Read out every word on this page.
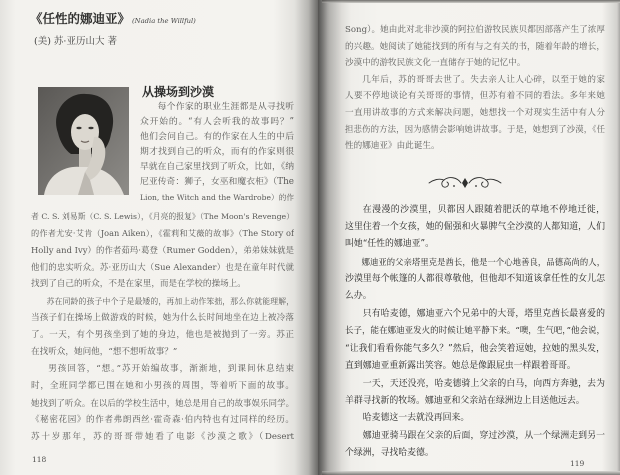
《任性的娜迪亚》 (Nadia the Willful)
(美) 苏·亚历山大 著
从操场到沙漠
每个作家的职业生涯都是从寻找听
众开始的。“有人会听我的故事吗？”
他们会问自己。有的作家在人生的中后
期才找到自己的听众，而有的作家则很
早就在自己家里找到了听众，比如，《纳
尼亚传奇：狮子，女巫和魔衣柜》（The
Lion, the Witch and the Wardrobe）的作
者 C. S. 刘易斯（C. S. Lewis），《月亮的报复》（The Moon's Revenge）
的作者尤安·艾肯（Joan Aiken），《霍莉和艾薇的故事》（The Story of
Holly and Ivy）的作者茹玛·葛登（Rumer Godden），弟弟妹妹就是
他们的忠实听众。苏·亚历山大（Sue Alexander）也是在童年时代就
找到了自己的听众，不是在家里，而是在学校的操场上。
苏在同龄的孩子中个子是最矮的，再加上动作笨拙，那么你就能理解，
当孩子们在操场上做游戏的时候，她为什么长时间地坐在边上被冷落
了。一天，有个男孩坐到了她的身边，他也是被抛到了一旁。苏正
在找听众，她问他，“想不想听故事？”
男孩回答，“想。”苏开始编故事，渐渐地，到课间休息结束
时，全班同学都已围在她和小男孩的周围，等着听下面的故事。
她找到了听众。在以后的学校生活中，她总是用自己的故事娱乐同学。
《秘密花园》的作者弗朗西丝·霍奇森·伯内特也有过同样的经历。
苏十岁那年，苏的哥哥带她看了电影《沙漠之歌》（Desert
118
Song）。她由此对北非沙漠的阿拉伯游牧民族贝都因部落产生了浓厚
的兴趣。她阅读了她能找到的所有与之有关的书，随着年龄的增长，
沙漠中的游牧民族文化一直储存于她的记忆中。
几年后，苏的哥哥去世了。失去亲人让人心碎，以至于她的家
人要不停地谈论有关哥哥的事情，但苏有着不同的看法。多年来她
一直用讲故事的方式来解决问题，她想找一个对现实生活中有人分
担悲伤的方法，因为感情会影响她讲故事。于是，她想到了沙漠，《任
性的娜迪亚》由此诞生。
在漫漫的沙漠里，贝都因人跟随着肥沃的草地不停地迁徙，
这里住着一个女孩，她的倔强和火暴脾气全沙漠的人都知道，人们
叫她“任性的娜迪亚”。
娜迪亚的父亲塔里克是酋长，他是一个心地善良，品德高尚的人，
沙漠里每个帐篷的人都很尊敬他，但他却不知道该拿任性的女儿怎
么办。
只有哈麦德，娜迪亚六个兄弟中的大哥，塔里克酋长最喜爱的
长子，能在娜迪亚发火的时候让她平静下来。“噢，生气吧，”他会说，
“让我们看看你能气多久？”然后，他会笑着逗她，拉她的黑头发，
直到娜迪亚重新露出笑容。她总是像跟屁虫一样跟着哥哥。
一天，天还没亮，哈麦德骑上父亲的白马，向西方奔驰，去为
羊群寻找新的牧场。娜迪亚和父亲站在绿洲边上目送他远去。
哈麦德这一去就没再回来。
娜迪亚骑马跟在父亲的后面，穿过沙漠，从一个绿洲走到另一
个绿洲，寻找哈麦德。
119
